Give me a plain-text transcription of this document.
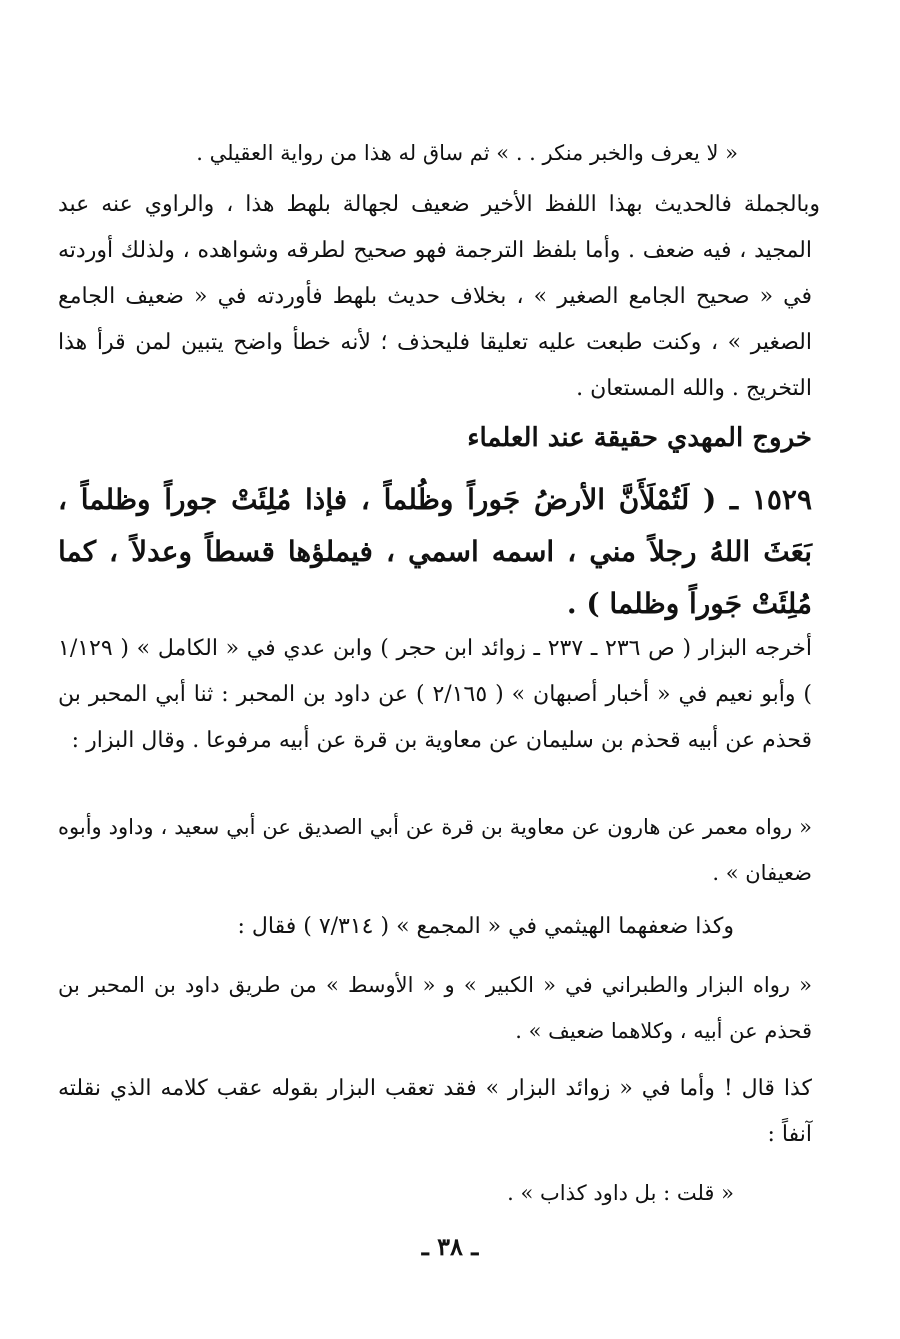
« لا يعرف والخبر منكر . . » ثم ساق له هذا من رواية العقيلي .

وبالجملة فالحديث بهذا اللفظ الأخير ضعيف لجهالة بلهط هذا ، والراوي عنه عبد المجيد ، فيه ضعف . وأما بلفظ الترجمة فهو صحيح لطرقه وشواهده ، ولذلك أوردته في « صحيح الجامع الصغير » ، بخلاف حديث بلهط فأوردته في « ضعيف الجامع الصغير » ، وكنت طبعت عليه تعليقا فليحذف ؛ لأنه خطأ واضح يتبين لمن قرأ هذا التخريج . والله المستعان .

خروج المهدي حقيقة عند العلماء

١٥٢٩ ـ ( لَتُمْلَأَنَّ الأرضُ جَوراً وظُلماً ، فإذا مُلِئَتْ جوراً وظلماً ، بَعَثَ اللهُ رجلاً مني ، اسمه اسمي ، فيملؤها قسطاً وعدلاً ، كما مُلِئَتْ جَوراً وظلما ) .

أخرجه البزار ( ص ٢٣٦ ـ ٢٣٧ ـ زوائد ابن حجر ) وابن عدي في « الكامل » ( ١/١٢٩ ) وأبو نعيم في « أخبار أصبهان » ( ٢/١٦٥ ) عن داود بن المحبر : ثنا أبي المحبر بن قحذم عن أبيه قحذم بن سليمان عن معاوية بن قرة عن أبيه مرفوعا . وقال البزار :

« رواه معمر عن هارون عن معاوية بن قرة عن أبي الصديق عن أبي سعيد ، وداود وأبوه ضعيفان » .

وكذا ضعفهما الهيثمي في « المجمع » ( ٧/٣١٤ ) فقال :

« رواه البزار والطبراني في « الكبير » و « الأوسط » من طريق داود بن المحبر بن قحذم عن أبيه ، وكلاهما ضعيف » .

كذا قال ! وأما في « زوائد البزار » فقد تعقب البزار بقوله عقب كلامه الذي نقلته آنفاً :

« قلت : بل داود كذاب » .

ـ ٣٨ ـ
